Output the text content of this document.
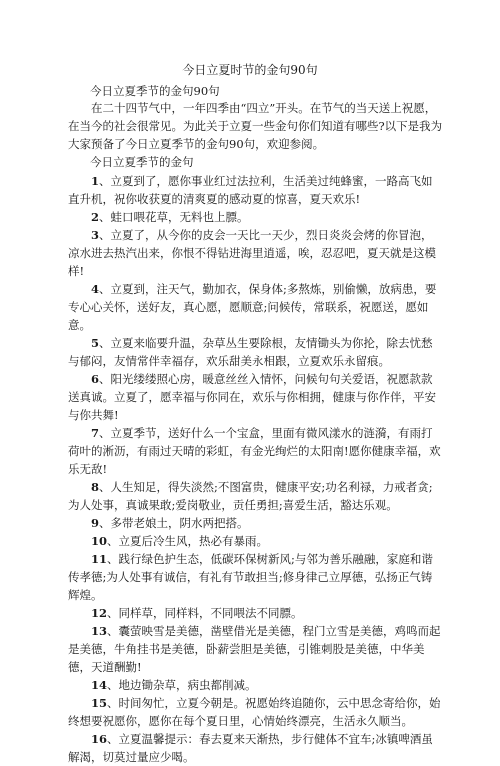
今日立夏时节的金句90句
今日立夏季节的金句90句

在二十四节气中，一年四季由“四立”开头。在节气的当天送上祝愿，在当今的社会很常见。为此关于立夏一些金句你们知道有哪些?以下是我为大家预备了今日立夏季节的金句90句，欢迎参阅。

今日立夏季节的金句
1、立夏到了，愿你事业红过法拉利，生活美过纯蜂蜜，一路高飞如直升机，祝你收获夏的清爽夏的感动夏的惊喜，夏天欢乐!
2、蛙口喂花草，无料也上膘。
3、立夏了，从今你的皮会一天比一天少，烈日炎炎会烤的你冒泡，凉水进去热汽出来，你恨不得钻进海里逍遥，唉，忍忍吧，夏天就是这模样!
4、立夏到，注天气，勤加衣，保身体;多熬炼，别偷懒，放病患，要专心心关怀，送好友，真心愿，愿顺意;问候传，常联系，祝愿送，愿如意。
5、立夏来临要升温，杂草丛生要除根，友情锄头为你抡，除去忧愁与郁闷，友情常伴幸福存，欢乐甜美永相跟，立夏欢乐永留痕。
6、阳光缕缕照心房，暖意丝丝入情怀，问候句句关爱语，祝愿款款送真诚。立夏了，愿幸福与你同在，欢乐与你相拥，健康与你作伴，平安与你共舞!
7、立夏季节，送好什么一个宝盒，里面有微风漾水的涟漪，有雨打荷叶的淅沥，有雨过天晴的彩虹，有金光绚烂的太阳南!愿你健康幸福，欢乐无敌!
8、人生知足，得失淡然;不图富贵，健康平安;功名利禄，力戒者贪;为人处事，真诚果敢;爱岗敬业，贡任勇担;喜爱生活，豁达乐观。
9、多带老娘土，阴水两把搭。
10、立夏后冷生风，热必有暴雨。
11、践行绿色护生态，低碳环保树新风;与邻为善乐融融，家庭和谐传孝德;为人处事有诚信，有礼有节敢担当;修身律己立厚德，弘扬正气铸辉煌。
12、同样草，同样料，不同喂法不同膘。
13、囊萤映雪是美德，凿壁借光是美德，程门立雪是美德，鸡鸣而起是美德，牛角挂书是美德，卧薪尝胆是美德，引锥刺股是美德，中华美德，天道酬勤!
14、地边锄杂草，病虫都削减。
15、时间匆忙，立夏今朝是。祝愿始终追随你，云中思念寄给你，始终想要祝愿你，愿你在每个夏日里，心情始终漂亮，生活永久顺当。
16、立夏温馨提示：春去夏来天渐热，步行健体不宜车;冰镇啤酒虽解渴，切莫过量应少喝。
